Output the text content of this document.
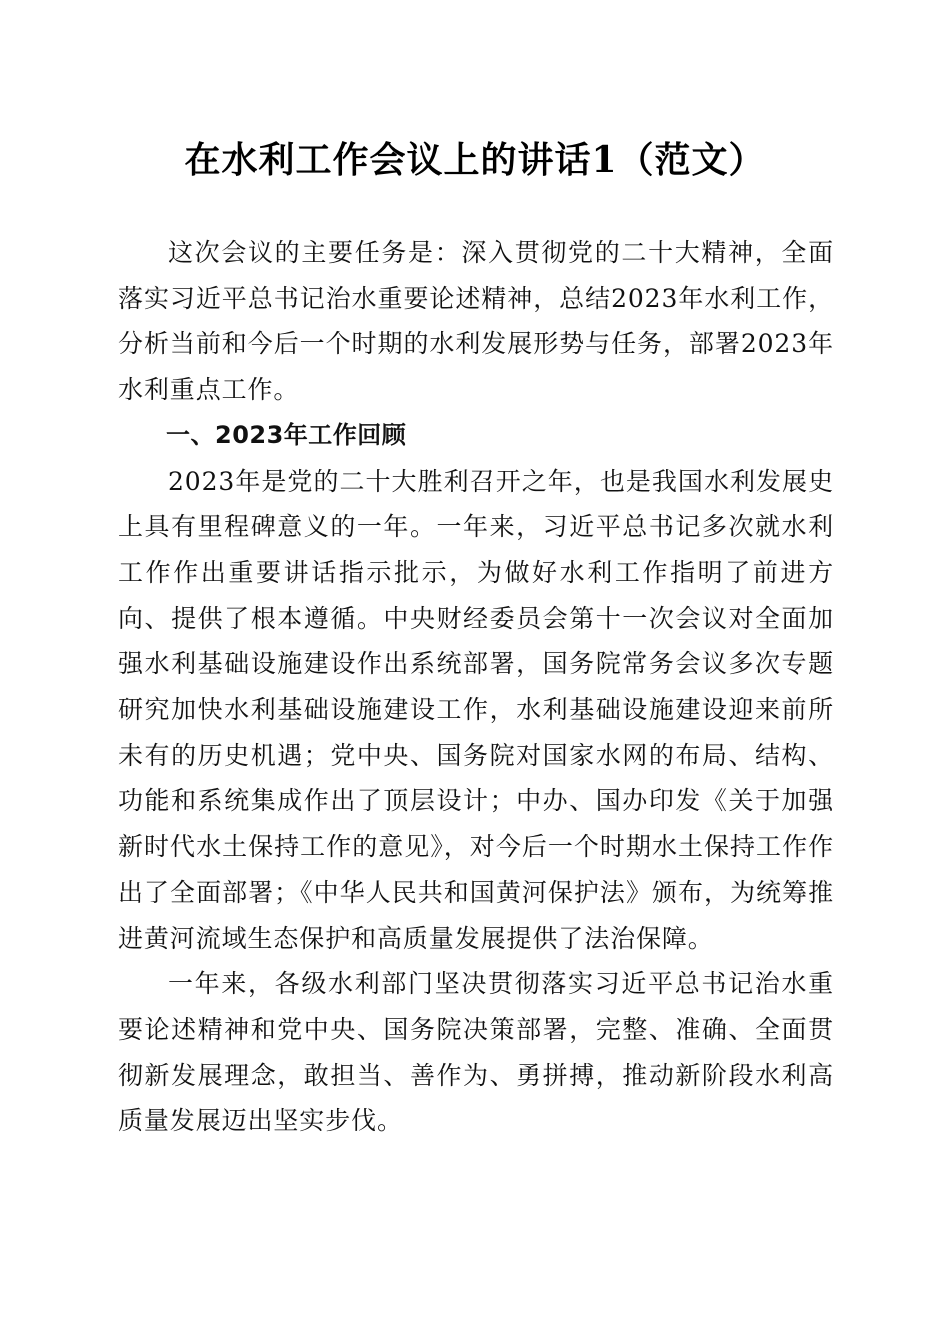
在水利工作会议上的讲话1（范文）

这次会议的主要任务是：深入贯彻党的二十大精神，全面落实习近平总书记治水重要论述精神，总结2023年水利工作，分析当前和今后一个时期的水利发展形势与任务，部署2023年水利重点工作。

一、2023年工作回顾

2023年是党的二十大胜利召开之年，也是我国水利发展史上具有里程碑意义的一年。一年来，习近平总书记多次就水利工作作出重要讲话指示批示，为做好水利工作指明了前进方向、提供了根本遵循。中央财经委员会第十一次会议对全面加强水利基础设施建设作出系统部署，国务院常务会议多次专题研究加快水利基础设施建设工作，水利基础设施建设迎来前所未有的历史机遇；党中央、国务院对国家水网的布局、结构、功能和系统集成作出了顶层设计；中办、国办印发《关于加强新时代水土保持工作的意见》，对今后一个时期水土保持工作作出了全面部署；《中华人民共和国黄河保护法》颁布，为统筹推进黄河流域生态保护和高质量发展提供了法治保障。

一年来，各级水利部门坚决贯彻落实习近平总书记治水重要论述精神和党中央、国务院决策部署，完整、准确、全面贯彻新发展理念，敢担当、善作为、勇拼搏，推动新阶段水利高质量发展迈出坚实步伐。
